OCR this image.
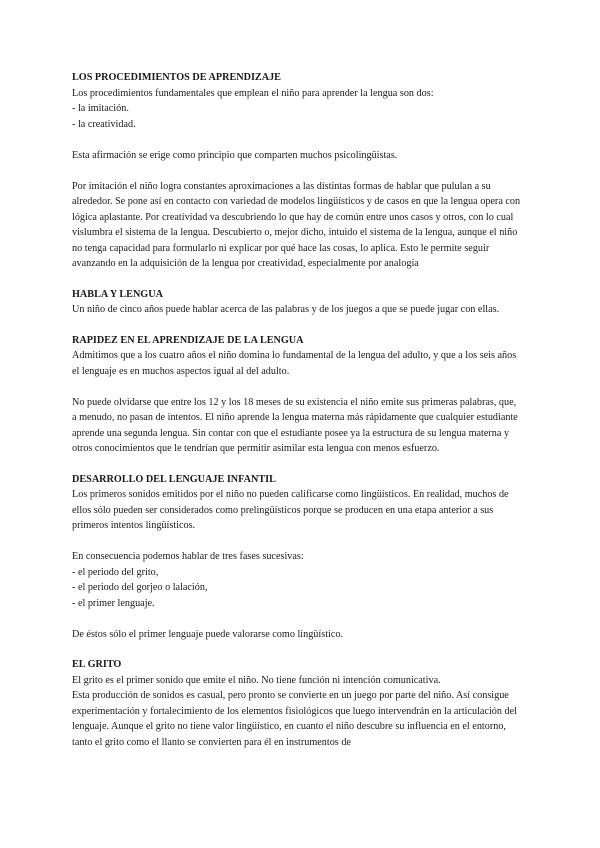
LOS PROCEDIMIENTOS DE APRENDIZAJE

Los procedimientos fundamentales que emplean el niño para aprender la lengua son dos:

- la imitación.
- la creatividad.

Esta afirmación se erige como principio que comparten muchos psicolingüistas.

Por imitación el niño logra constantes aproximaciones a las distintas formas de hablar que pululan a su alrededor. Se pone así en contacto con variedad de modelos lingüísticos y de casos en que la lengua opera con lógica aplastante. Por creatividad va descubriendo lo que hay de común entre unos casos y otros, con lo cual vislumbra el sistema de la lengua. Descubierto o, mejor dicho, intuido el sistema de la lengua, aunque el niño no tenga capacidad para formularlo ni explicar por qué hace las cosas, lo aplica. Esto le permite seguir avanzando en la adquisición de la lengua por creatividad, especialmente por analogía

HABLA Y LENGUA

Un niño de cinco años puede hablar acerca de las palabras y de los juegos a que se puede jugar con ellas.

RAPIDEZ EN EL APRENDIZAJE DE LA LENGUA

Admitimos que a los cuatro años el niño domina lo fundamental de la lengua del adulto, y que a los seis años el lenguaje es en muchos aspectos igual al del adulto.

No puede olvidarse que entre los 12 y los 18 meses de su existencia el niño emite sus primeras palabras, que, a menudo, no pasan de intentos. El niño aprende la lengua materna más rápidamente que cualquier estudiante aprende una segunda lengua. Sin contar con que el estudiante posee ya la estructura de su lengua materna y otros conocimientos que le tendrían que permitir asimilar esta lengua con menos esfuerzo.

DESARROLLO DEL LENGUAJE INFANTIL

Los primeros sonidos emitidos por el niño no pueden calificarse como lingüísticos. En realidad, muchos de ellos sólo pueden ser considerados como prelingüísticos porque se producen en una etapa anterior a sus primeros intentos lingüísticos.

En consecuencia podemos hablar de tres fases sucesivas:

- el periodo del grito,
- el periodo del gorjeo o lalación,
- el primer lenguaje.

De éstos sólo el primer lenguaje puede valorarse como lingüístico.

EL GRITO

El grito es el primer sonido que emite el niño. No tiene función ni intención comunicativa.

Esta producción de sonidos es casual, pero pronto se convierte en un juego por parte del niño. Así consigue experimentación y fortalecimiento de los elementos fisiológicos que luego intervendrán en la articulación del lenguaje. Aunque el grito no tiene valor lingüístico, en cuanto el niño descubre su influencia en el entorno, tanto el grito como el llanto se convierten para él en instrumentos de
